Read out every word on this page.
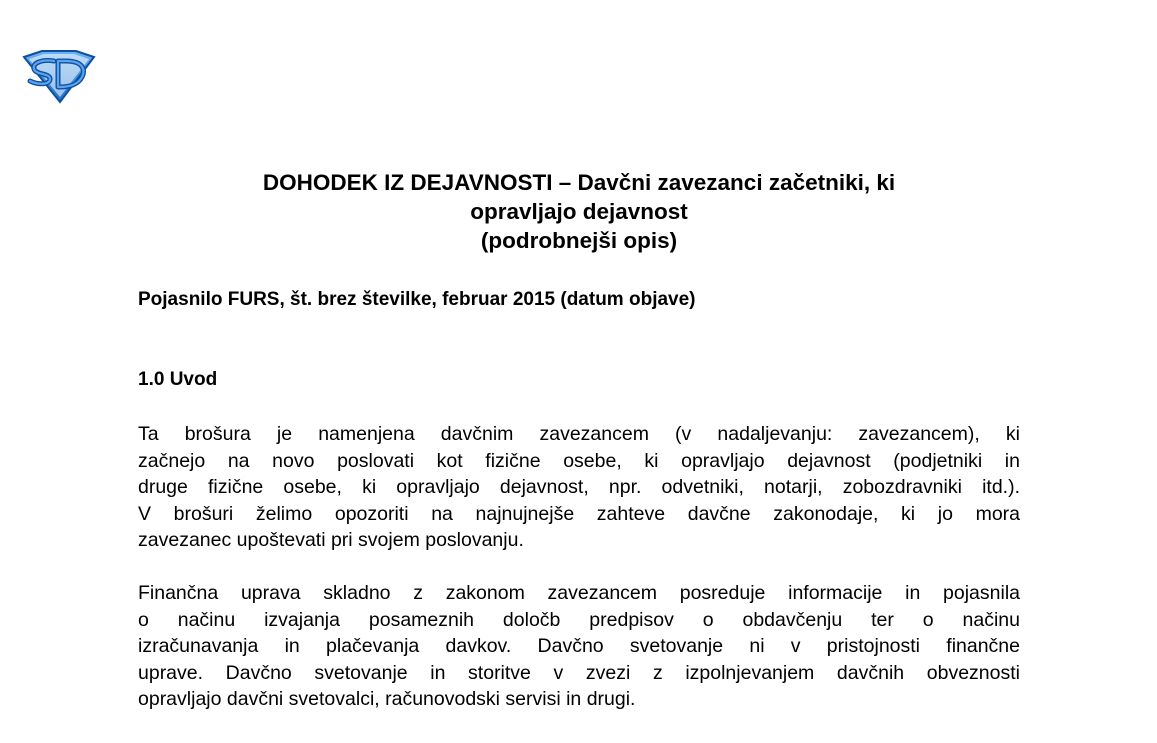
DOHODEK IZ DEJAVNOSTI – Davčni zavezanci začetniki, ki
opravljajo dejavnost
(podrobnejši opis)
Pojasnilo FURS, št. brez številke, februar 2015 (datum objave)
1.0 Uvod
Ta brošura je namenjena davčnim zavezancem (v nadaljevanju: zavezancem), ki
začnejo na novo poslovati kot fizične osebe, ki opravljajo dejavnost (podjetniki in
druge fizične osebe, ki opravljajo dejavnost, npr. odvetniki, notarji, zobozdravniki itd.).
V brošuri želimo opozoriti na najnujnejše zahteve davčne zakonodaje, ki jo mora
zavezanec upoštevati pri svojem poslovanju.
Finančna uprava skladno z zakonom zavezancem posreduje informacije in pojasnila
o načinu izvajanja posameznih določb predpisov o obdavčenju ter o načinu
izračunavanja in plačevanja davkov. Davčno svetovanje ni v pristojnosti finančne
uprave. Davčno svetovanje in storitve v zvezi z izpolnjevanjem davčnih obveznosti
opravljajo davčni svetovalci, računovodski servisi in drugi.
